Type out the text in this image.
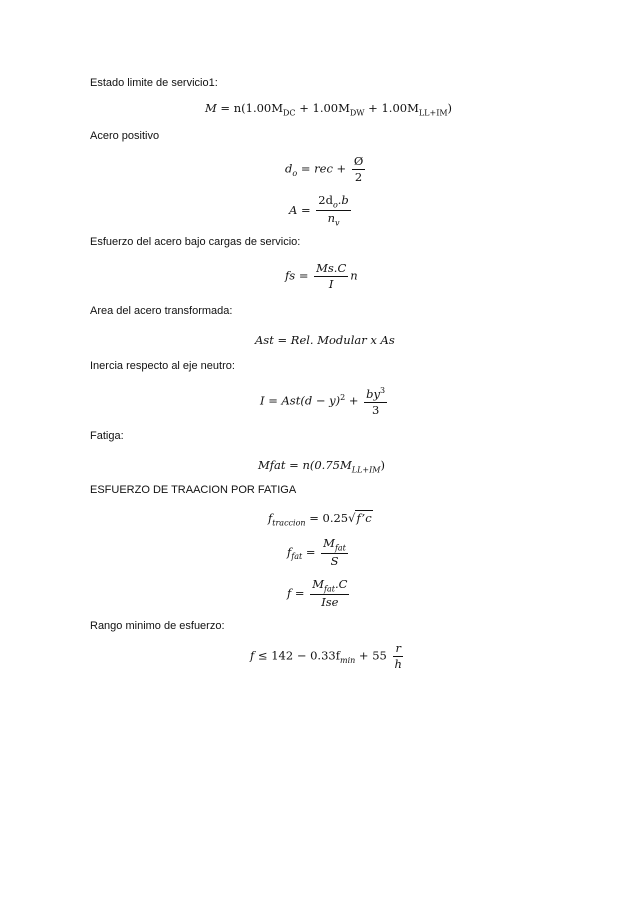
Estado limite de servicio1:
$M = n(1.00M_{DC} + 1.00M_{DW} + 1.00M_{LL+IM})$
Acero positivo
$d_o$ = rec + $\frac{Ø}{2}$
$A = \frac{2d_o.b}{n_v}$
Esfuerzo del acero bajo cargas de servicio:
fs = $\frac{Ms.C}{I}$ n
Area del acero transformada:
Ast = Rel. Modular x As
Inercia respecto al eje neutro:
$I = Ast(d - y)^2 + \frac{by^3}{3}$
Fatiga:
Mfat = $n(0.75M_{LL+IM})$
ESFUERZO DE TRAACION POR FATIGA
$f_{traccion}$ = 0.25√f’c
$f_{fat} = \frac{M_{fat}}{S}$
$f = \frac{M_{fat}.C}{\text{Ise}}$
Rango minimo de esfuerzo:
$f \le 142 - 0.33f_{min} + 55 \frac{r}{h}$
